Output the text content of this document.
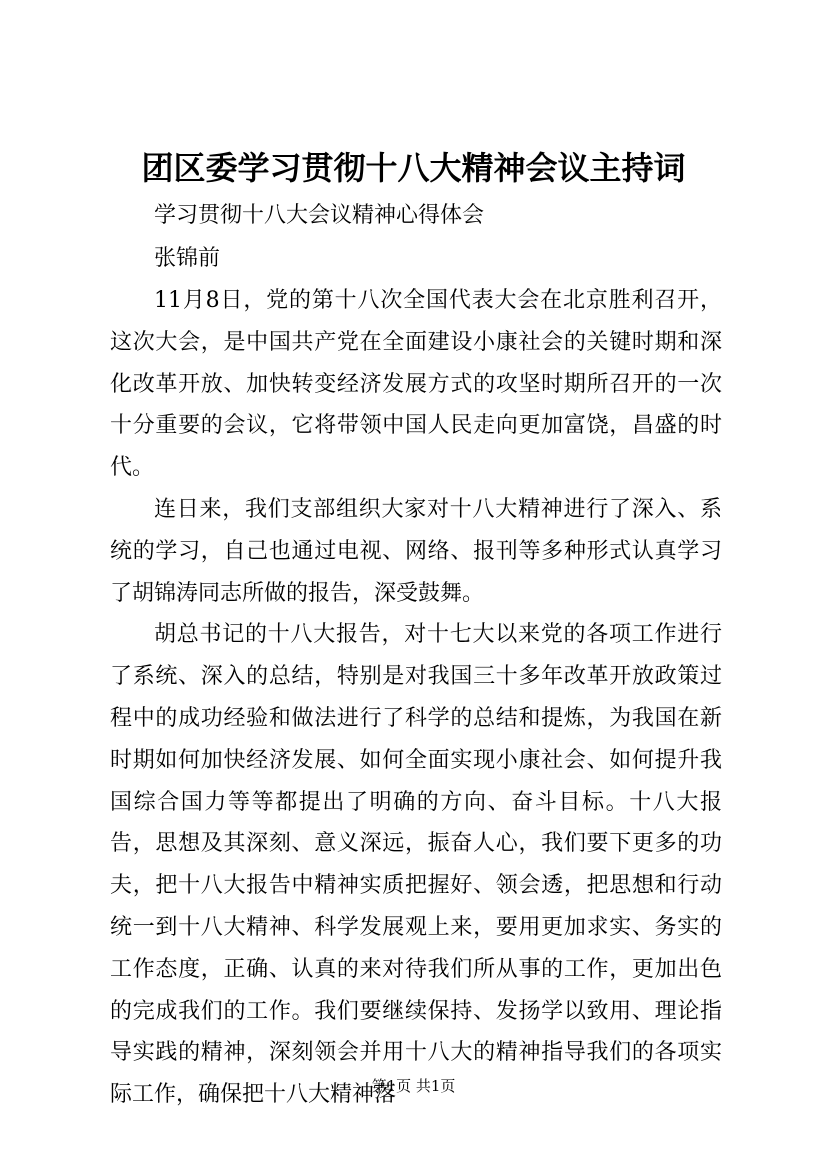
团区委学习贯彻十八大精神会议主持词

学习贯彻十八大会议精神心得体会

张锦前

11月8日，党的第十八次全国代表大会在北京胜利召开，这次大会，是中国共产党在全面建设小康社会的关键时期和深化改革开放、加快转变经济发展方式的攻坚时期所召开的一次十分重要的会议，它将带领中国人民走向更加富饶，昌盛的时代。

连日来，我们支部组织大家对十八大精神进行了深入、系统的学习，自己也通过电视、网络、报刊等多种形式认真学习了胡锦涛同志所做的报告，深受鼓舞。

胡总书记的十八大报告，对十七大以来党的各项工作进行了系统、深入的总结，特别是对我国三十多年改革开放政策过程中的成功经验和做法进行了科学的总结和提炼，为我国在新时期如何加快经济发展、如何全面实现小康社会、如何提升我国综合国力等等都提出了明确的方向、奋斗目标。十八大报告，思想及其深刻、意义深远，振奋人心，我们要下更多的功夫，把十八大报告中精神实质把握好、领会透，把思想和行动统一到十八大精神、科学发展观上来，要用更加求实、务实的工作态度，正确、认真的来对待我们所从事的工作，更加出色的完成我们的工作。我们要继续保持、发扬学以致用、理论指导实践的精神，深刻领会并用十八大的精神指导我们的各项实际工作，确保把十八大精神落

第1页 共1页
